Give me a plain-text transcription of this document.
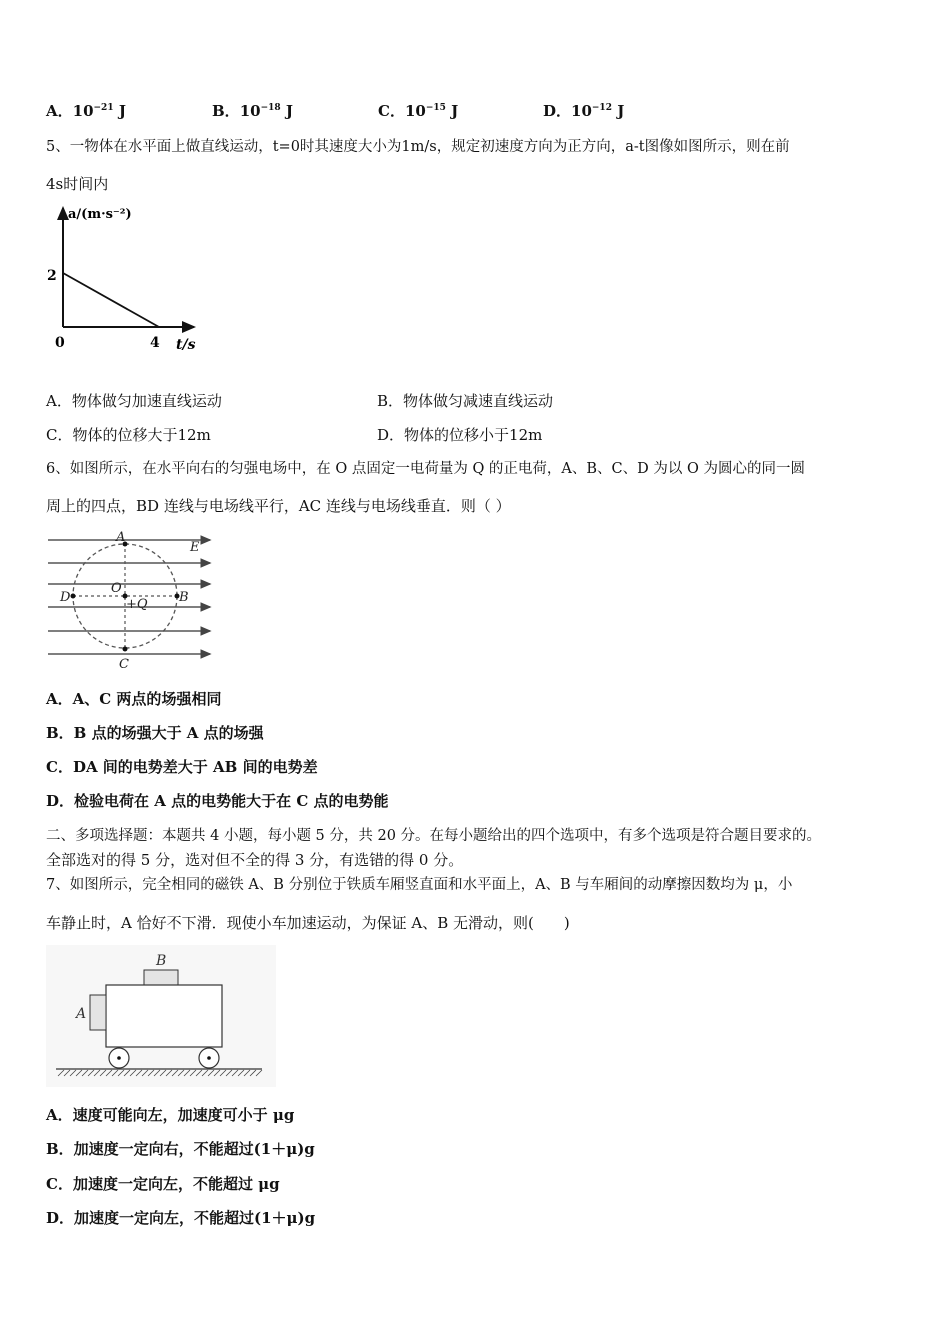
A．$10^{-21}$ J	B．$10^{-18}$ J	C．$10^{-15}$ J	D．$10^{-12}$ J
5、一物体在水平面上做直线运动，t=0时其速度大小为1m/s，规定初速度方向为正方向，a-t图像如图所示，则在前
4s时间内
a/(m·s⁻²)
2
0	4 t/s
A．物体做匀加速直线运动	B．物体做匀减速直线运动
C．物体的位移大于12m	D．物体的位移小于12m
6、如图所示，在水平向右的匀强电场中，在 O 点固定一电荷量为 Q 的正电荷，A、B、C、D 为以 O 为圆心的同一圆
周上的四点，BD 连线与电场线平行，AC 连线与电场线垂直．则（ ）
A
E
O
D	B
+Q
C
A．A、C 两点的场强相同
B．B 点的场强大于 A 点的场强
C．DA 间的电势差大于 AB 间的电势差
D．检验电荷在 A 点的电势能大于在 C 点的电势能
二、多项选择题：本题共 4 小题，每小题 5 分，共 20 分。在每小题给出的四个选项中，有多个选项是符合题目要求的。
全部选对的得 5 分，选对但不全的得 3 分，有选错的得 0 分。
7、如图所示，完全相同的磁铁 A、B 分别位于铁质车厢竖直面和水平面上，A、B 与车厢间的动摩擦因数均为 μ，小
车静止时，A 恰好不下滑．现使小车加速运动，为保证 A、B 无滑动，则(　　)
B
A
A．速度可能向左，加速度可小于 μg
B．加速度一定向右，不能超过(1＋μ)g
C．加速度一定向左，不能超过 μg
D．加速度一定向左，不能超过(1＋μ)g
